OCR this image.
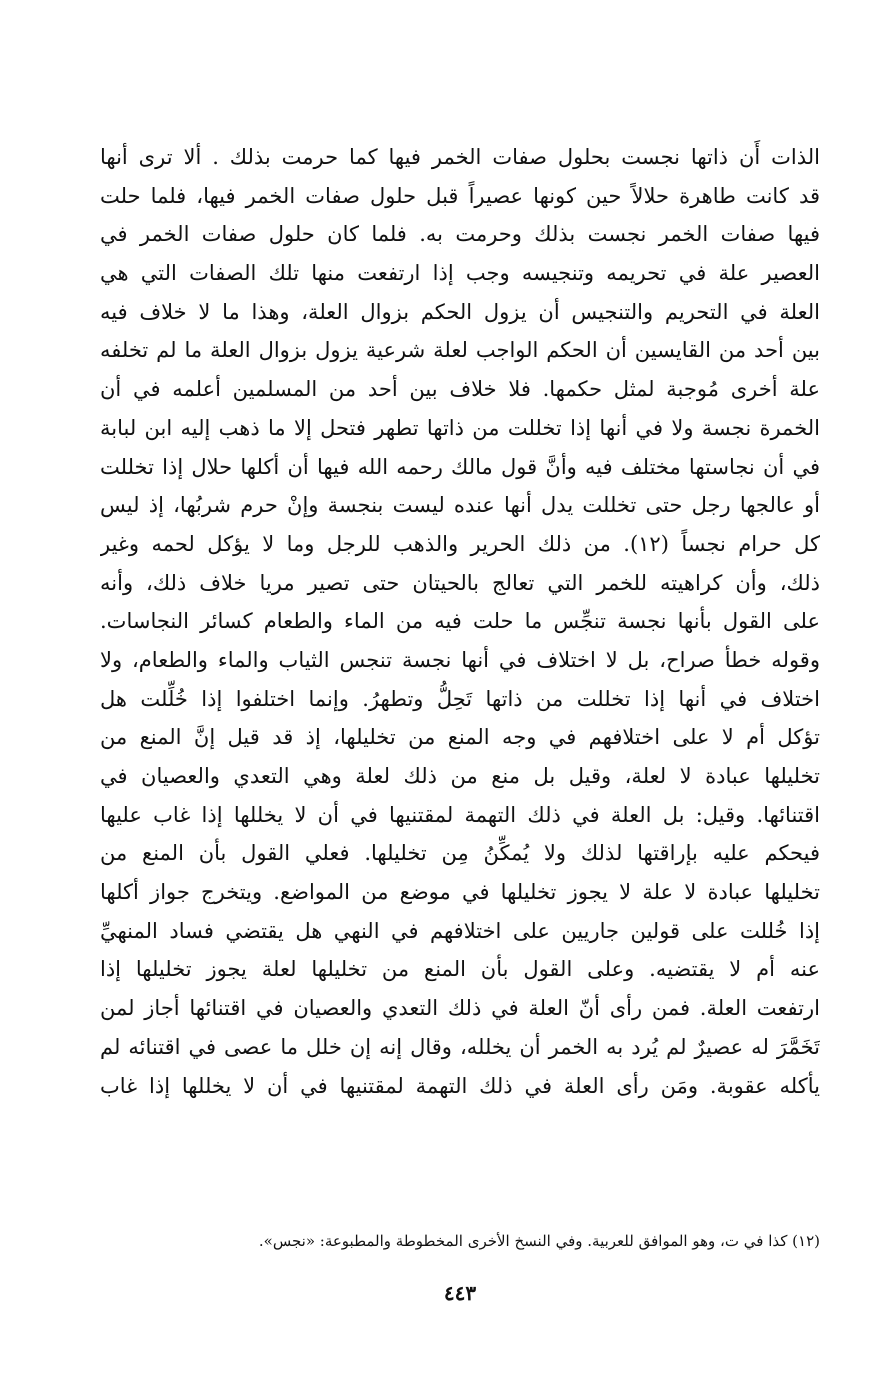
الذات أَن ذاتها نجست بحلول صفات الخمر فيها كما حرمت بذلك . ألا ترى أنها
قد كانت طاهرة حلالاً حين كونها عصيراً قبل حلول صفات الخمر فيها، فلما حلت
فيها صفات الخمر نجست بذلك وحرمت به. فلما كان حلول صفات الخمر في
العصير علة في تحريمه وتنجيسه وجب إذا ارتفعت منها تلك الصفات التي هي
العلة في التحريم والتنجيس أن يزول الحكم بزوال العلة، وهذا ما لا خلاف فيه
بين أحد من القايسين أن الحكم الواجب لعلة شرعية يزول بزوال العلة ما لم تخلفه
علة أخرى مُوجبة لمثل حكمها. فلا خلاف بين أحد من المسلمين أعلمه في أن
الخمرة نجسة ولا في أنها إذا تخللت من ذاتها تطهر فتحل إلا ما ذهب إليه ابن لبابة
في أن نجاستها مختلف فيه وأنَّ قول مالك رحمه الله فيها أن أكلها حلال إذا تخللت
أو عالجها رجل حتى تخللت يدل أنها عنده ليست بنجسة وإنْ حرم شربُها، إذ ليس
كل حرام نجساً (١٢). من ذلك الحرير والذهب للرجل وما لا يؤكل لحمه وغير
ذلك، وأن كراهيته للخمر التي تعالج بالحيتان حتى تصير مريا خلاف ذلك، وأنه
على القول بأنها نجسة تنجِّس ما حلت فيه من الماء والطعام كسائر النجاسات.
وقوله خطأ صراح، بل لا اختلاف في أنها نجسة تنجس الثياب والماء والطعام، ولا
اختلاف في أنها إذا تخللت من ذاتها تَحِلُّ وتطهرُ. وإنما اختلفوا إذا خُلِّلت هل
تؤكل أم لا على اختلافهم في وجه المنع من تخليلها، إذ قد قيل إنَّ المنع من
تخليلها عبادة لا لعلة، وقيل بل منع من ذلك لعلة وهي التعدي والعصيان في
اقتنائها. وقيل: بل العلة في ذلك التهمة لمقتنيها في أن لا يخللها إذا غاب عليها
فيحكم عليه بإراقتها لذلك ولا يُمكِّنُ مِن تخليلها. فعلي القول بأن المنع من
تخليلها عبادة لا علة لا يجوز تخليلها في موضع من المواضع. ويتخرج جواز أكلها
إذا خُللت على قولين جاريين على اختلافهم في النهي هل يقتضي فساد المنهيِّ
عنه أم لا يقتضيه. وعلى القول بأن المنع من تخليلها لعلة يجوز تخليلها إذا
ارتفعت العلة. فمن رأى أنّ العلة في ذلك التعدي والعصيان في اقتنائها أجاز لمن
تَخَمَّرَ له عصيرٌ لم يُرد به الخمر أن يخلله، وقال إنه إن خلل ما عصى في اقتنائه لم
يأكله عقوبة. ومَن رأى العلة في ذلك التهمة لمقتنيها في أن لا يخللها إذا غاب
(١٢) كذا في ت، وهو الموافق للعربية. وفي النسخ الأخرى المخطوطة والمطبوعة: «نجس».
٤٤٣
